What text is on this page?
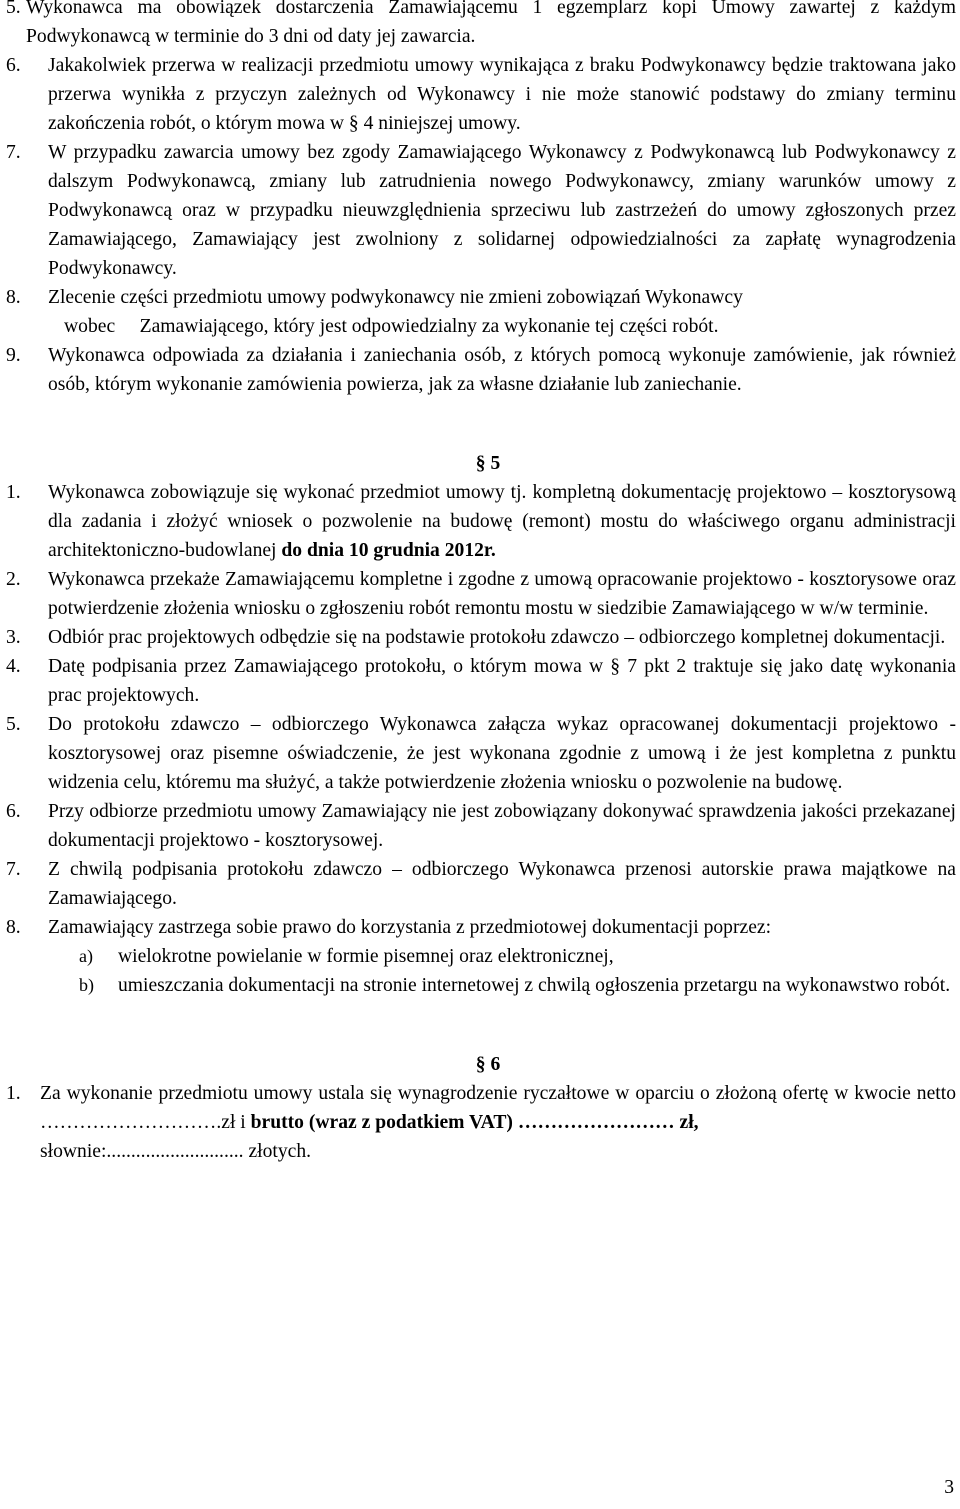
5. Wykonawca ma obowiązek dostarczenia Zamawiającemu 1 egzemplarz kopi Umowy zawartej z każdym Podwykonawcą w terminie do 3 dni od daty jej zawarcia.
6. Jakakolwiek przerwa w realizacji przedmiotu umowy wynikająca z braku Podwykonawcy będzie traktowana jako przerwa wynikła z przyczyn zależnych od Wykonawcy i nie może stanowić podstawy do zmiany terminu zakończenia robót, o którym mowa w § 4 niniejszej umowy.
7. W przypadku zawarcia umowy bez zgody Zamawiającego Wykonawcy z Podwykonawcą lub Podwykonawcy z dalszym Podwykonawcą, zmiany lub zatrudnienia nowego Podwykonawcy, zmiany warunków umowy z Podwykonawcą oraz w przypadku nieuwzględnienia sprzeciwu lub zastrzeżeń do umowy zgłoszonych przez Zamawiającego, Zamawiający jest zwolniony z solidarnej odpowiedzialności za zapłatę wynagrodzenia Podwykonawcy.
8. Zlecenie części przedmiotu umowy podwykonawcy nie zmieni zobowiązań Wykonawcy
wobec     Zamawiającego, który jest odpowiedzialny za wykonanie tej części robót.
9. Wykonawca odpowiada za działania i zaniechania osób, z których pomocą wykonuje zamówienie, jak również osób, którym wykonanie zamówienia powierza, jak za własne działanie lub zaniechanie.
§ 5
1. Wykonawca zobowiązuje się wykonać przedmiot umowy tj. kompletną dokumentację projektowo – kosztorysową dla zadania i złożyć wniosek o pozwolenie na budowę (remont) mostu do właściwego organu administracji architektoniczno-budowlanej do dnia 10 grudnia 2012r.
2. Wykonawca przekaże Zamawiającemu kompletne i zgodne z umową opracowanie projektowo - kosztorysowe oraz potwierdzenie złożenia wniosku o zgłoszeniu robót remontu mostu w siedzibie Zamawiającego w w/w terminie.
3. Odbiór prac projektowych odbędzie się na podstawie protokołu zdawczo – odbiorczego kompletnej dokumentacji.
4. Datę podpisania przez Zamawiającego protokołu, o którym mowa w § 7 pkt 2 traktuje się jako datę wykonania prac projektowych.
5. Do protokołu zdawczo – odbiorczego Wykonawca załącza wykaz opracowanej dokumentacji projektowo - kosztorysowej oraz pisemne oświadczenie, że jest wykonana zgodnie z umową i że jest kompletna z punktu widzenia celu, któremu ma służyć, a także potwierdzenie złożenia wniosku o pozwolenie na budowę.
6. Przy odbiorze przedmiotu umowy Zamawiający nie jest zobowiązany dokonywać sprawdzenia jakości przekazanej dokumentacji projektowo - kosztorysowej.
7. Z chwilą podpisania protokołu zdawczo – odbiorczego Wykonawca przenosi autorskie prawa majątkowe na Zamawiającego.
8. Zamawiający zastrzega sobie prawo do korzystania z przedmiotowej dokumentacji poprzez:
a) wielokrotne powielanie w formie pisemnej oraz elektronicznej,
b) umieszczania dokumentacji na stronie internetowej z chwilą ogłoszenia przetargu na wykonawstwo robót.
§ 6
1. Za wykonanie przedmiotu umowy ustala się wynagrodzenie ryczałtowe w oparciu o złożoną ofertę w kwocie netto ……………………….zł i brutto (wraz z podatkiem VAT) …………………… zł,
słownie:............................ złotych.
3
